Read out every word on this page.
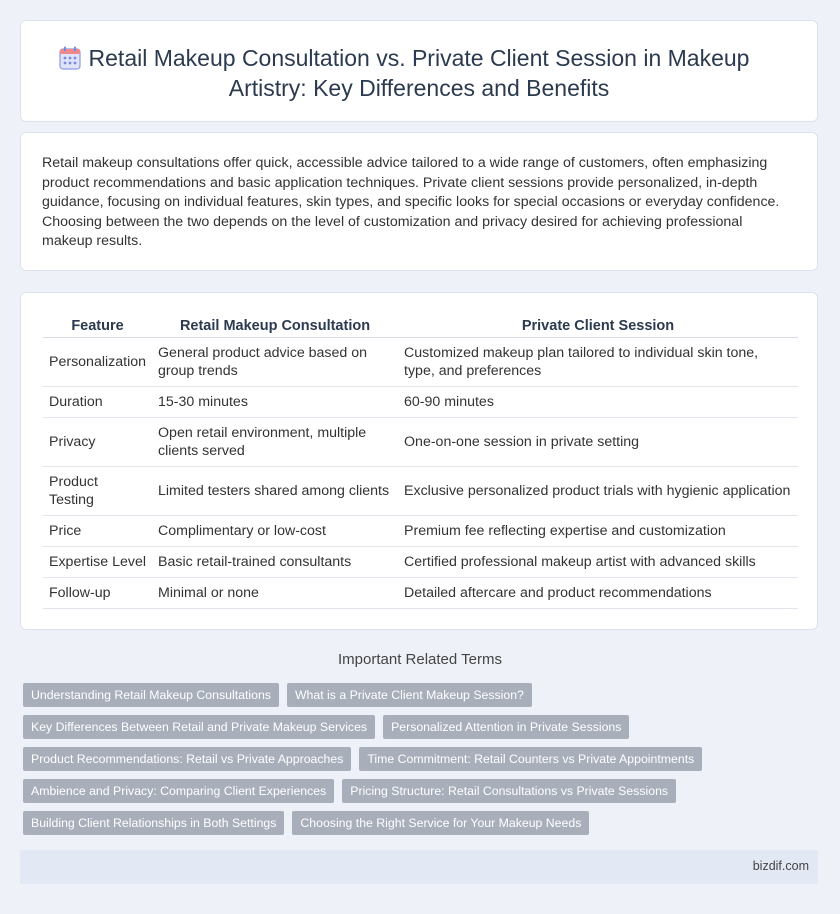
Retail Makeup Consultation vs. Private Client Session in Makeup Artistry: Key Differences and Benefits
Retail makeup consultations offer quick, accessible advice tailored to a wide range of customers, often emphasizing product recommendations and basic application techniques. Private client sessions provide personalized, in-depth guidance, focusing on individual features, skin types, and specific looks for special occasions or everyday confidence. Choosing between the two depends on the level of customization and privacy desired for achieving professional makeup results.
Feature	Retail Makeup Consultation	Private Client Session
Personalization	General product advice based on group trends	Customized makeup plan tailored to individual skin tone, type, and preferences
Duration	15-30 minutes	60-90 minutes
Privacy	Open retail environment, multiple clients served	One-on-one session in private setting
Product Testing	Limited testers shared among clients	Exclusive personalized product trials with hygienic application
Price	Complimentary or low-cost	Premium fee reflecting expertise and customization
Expertise Level	Basic retail-trained consultants	Certified professional makeup artist with advanced skills
Follow-up	Minimal or none	Detailed aftercare and product recommendations
Important Related Terms
Understanding Retail Makeup Consultations	What is a Private Client Makeup Session?
Key Differences Between Retail and Private Makeup Services	Personalized Attention in Private Sessions
Product Recommendations: Retail vs Private Approaches	Time Commitment: Retail Counters vs Private Appointments
Ambience and Privacy: Comparing Client Experiences	Pricing Structure: Retail Consultations vs Private Sessions
Building Client Relationships in Both Settings	Choosing the Right Service for Your Makeup Needs
bizdif.com
